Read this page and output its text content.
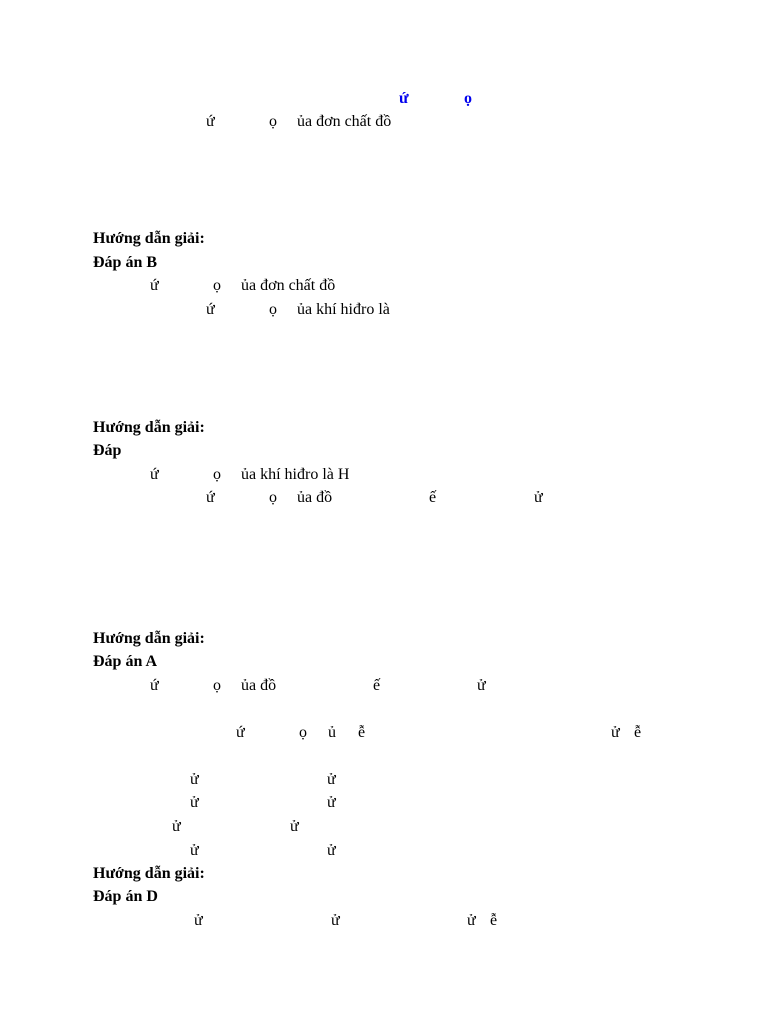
ứ	ọ
ứ	ọ ủa đơn chất đồ
Hướng dẫn giải:
Đáp án B
ứ	ọ ủa đơn chất đồ
ứ	ọ ủa khí hiđro là
Hướng dẫn giải:
Đáp
ứ	ọ ủa khí hiđro là H
ứ	ọ ủa đồ	ế	ử
Hướng dẫn giải:
Đáp án A
ứ	ọ ủa đồ	ế	ử
ứ	ọ ủ ễ	ử ễ
ử	ử
ử	ử
ử	ử
ử	ử
Hướng dẫn giải:
Đáp án D
ử	ử	ử ễ
